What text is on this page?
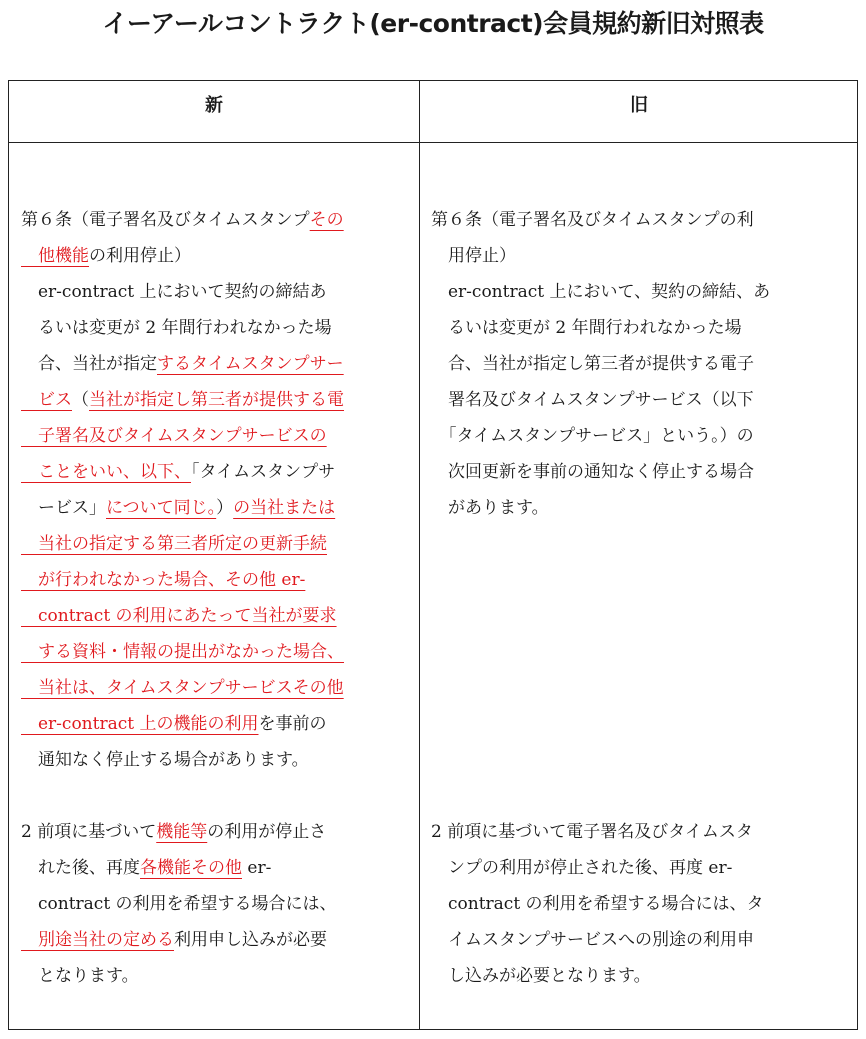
イーアールコントラクト(er-contract)会員規約新旧対照表
新	旧
第６条（電子署名及びタイムスタンプその
　他機能の利用停止）
　er-contract 上において契約の締結あ
　るいは変更が 2 年間行われなかった場
　合、当社が指定するタイムスタンプサー
　ビス（当社が指定し第三者が提供する電
　子署名及びタイムスタンプサービスの
　ことをいい、以下、「タイムスタンプサ
　ービス」について同じ。）の当社または
　当社の指定する第三者所定の更新手続
　が行われなかった場合、その他 er-
　contract の利用にあたって当社が要求
　する資料・情報の提出がなかった場合、
　当社は、タイムスタンプサービスその他
　er-contract 上の機能の利用を事前の
　通知なく停止する場合があります。
2 前項に基づいて機能等の利用が停止さ
　れた後、再度各機能その他 er-
　contract の利用を希望する場合には、
　別途当社の定める利用申し込みが必要
　となります。
第６条（電子署名及びタイムスタンプの利
　用停止）
　er-contract 上において、契約の締結、あ
　るいは変更が 2 年間行われなかった場
　合、当社が指定し第三者が提供する電子
　署名及びタイムスタンプサービス（以下
　「タイムスタンプサービス」という。）の
　次回更新を事前の通知なく停止する場合
　があります。
2 前項に基づいて電子署名及びタイムスタ
　ンプの利用が停止された後、再度 er-
　contract の利用を希望する場合には、タ
　イムスタンプサービスへの別途の利用申
　し込みが必要となります。
